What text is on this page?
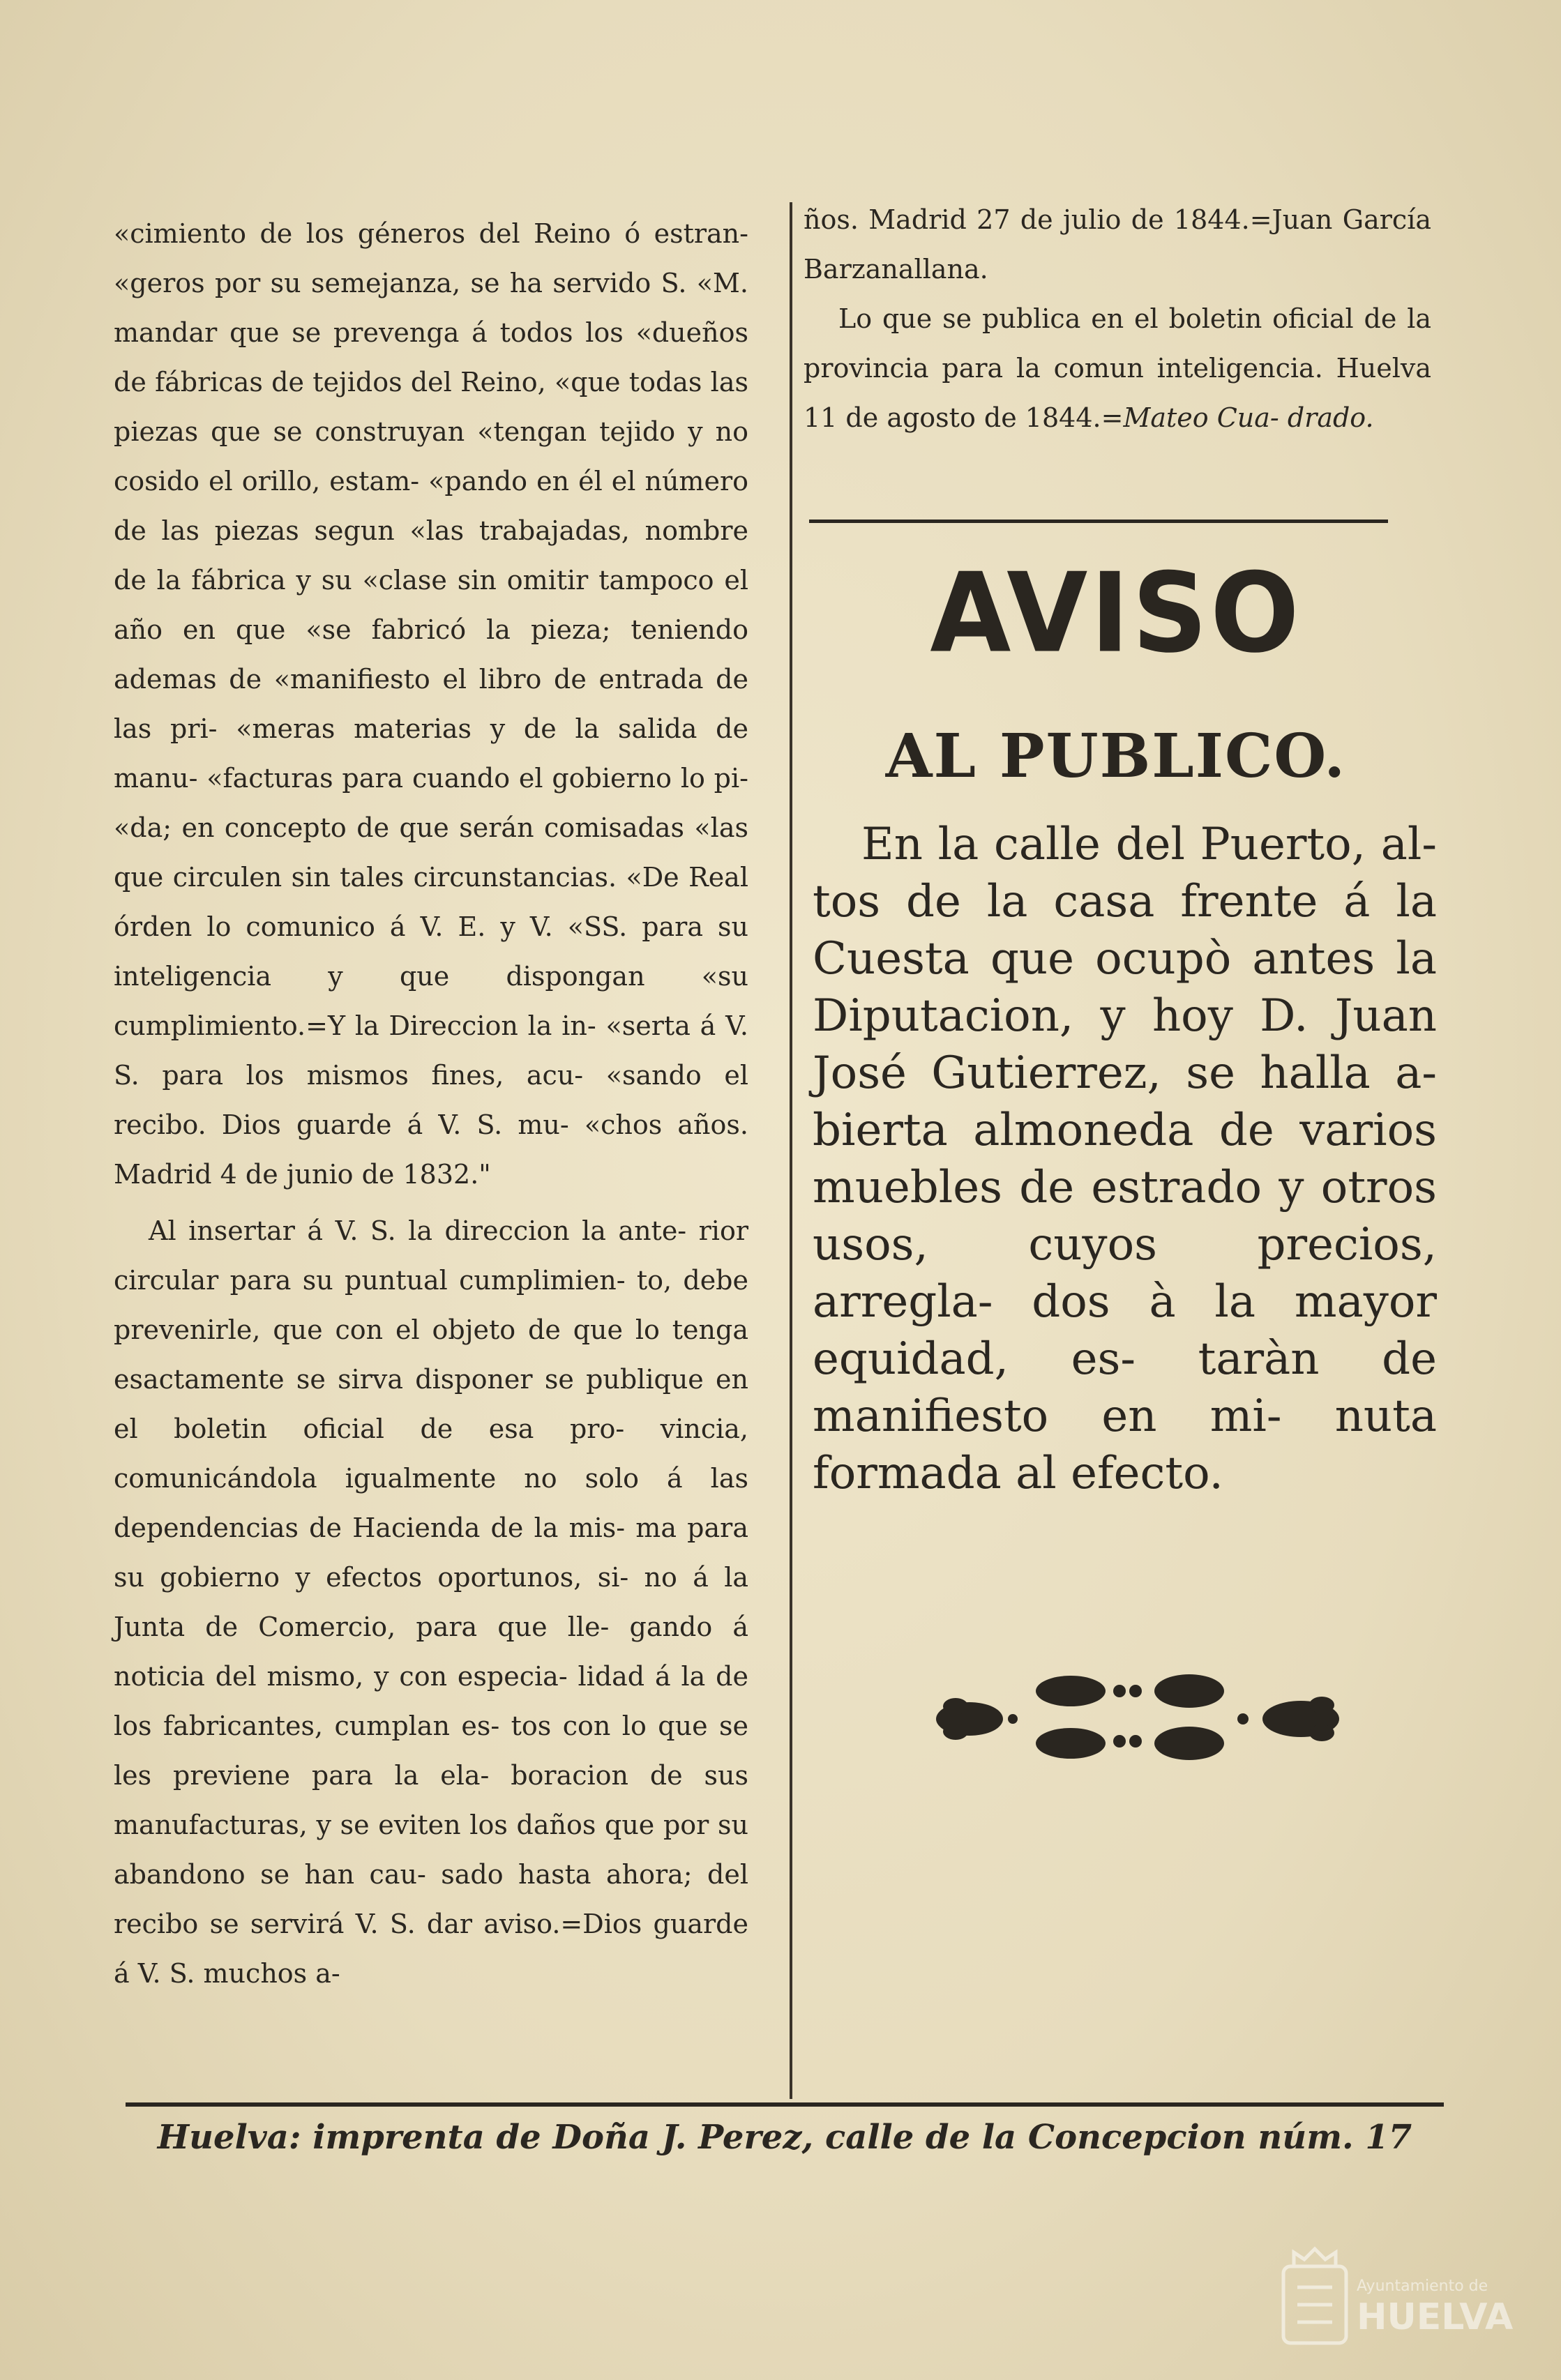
«cimiento de los géneros del Reino ó estran- «geros por su semejanza, se ha servido S. «M. mandar que se prevenga á todos los «dueños de fábricas de tejidos del Reino, «que todas las piezas que se construyan «tengan tejido y no cosido el orillo, estam- «pando en él el número de las piezas segun «las trabajadas, nombre de la fábrica y su «clase sin omitir tampoco el año en que «se fabricó la pieza; teniendo ademas de «manifiesto el libro de entrada de las pri- «meras materias y de la salida de manu- «facturas para cuando el gobierno lo pi- «da; en concepto de que serán comisadas «las que circulen sin tales circunstancias. «De Real órden lo comunico á V. E. y V. «SS. para su inteligencia y que dispongan «su cumplimiento.=Y la Direccion la in- «serta á V. S. para los mismos fines, acu- «sando el recibo. Dios guarde á V. S. mu- «chos años. Madrid 4 de junio de 1832."

Al insertar á V. S. la direccion la ante- rior circular para su puntual cumplimien- to, debe prevenirle, que con el objeto de que lo tenga esactamente se sirva disponer se publique en el boletin oficial de esa pro- vincia, comunicándola igualmente no solo á las dependencias de Hacienda de la mis- ma para su gobierno y efectos oportunos, si- no á la Junta de Comercio, para que lle- gando á noticia del mismo, y con especia- lidad á la de los fabricantes, cumplan es- tos con lo que se les previene para la ela- boracion de sus manufacturas, y se eviten los daños que por su abandono se han cau- sado hasta ahora; del recibo se servirá V. S. dar aviso.=Dios guarde á V. S. muchos a-

ños. Madrid 27 de julio de 1844.=Juan García Barzanallana.

Lo que se publica en el boletin oficial de la provincia para la comun inteligencia. Huelva 11 de agosto de 1844.=Mateo Cua- drado.

AVISO
AL PUBLICO.

En la calle del Puerto, al- tos de la casa frente á la Cuesta que ocupò antes la Diputacion, y hoy D. Juan José Gutierrez, se halla a- bierta almoneda de varios muebles de estrado y otros usos, cuyos precios, arregla- dos à la mayor equidad, es- taràn de manifiesto en mi- nuta formada al efecto.

Huelva: imprenta de Doña J. Perez, calle de la Concepcion núm. 17
Ayuntamiento de
HUELVA
